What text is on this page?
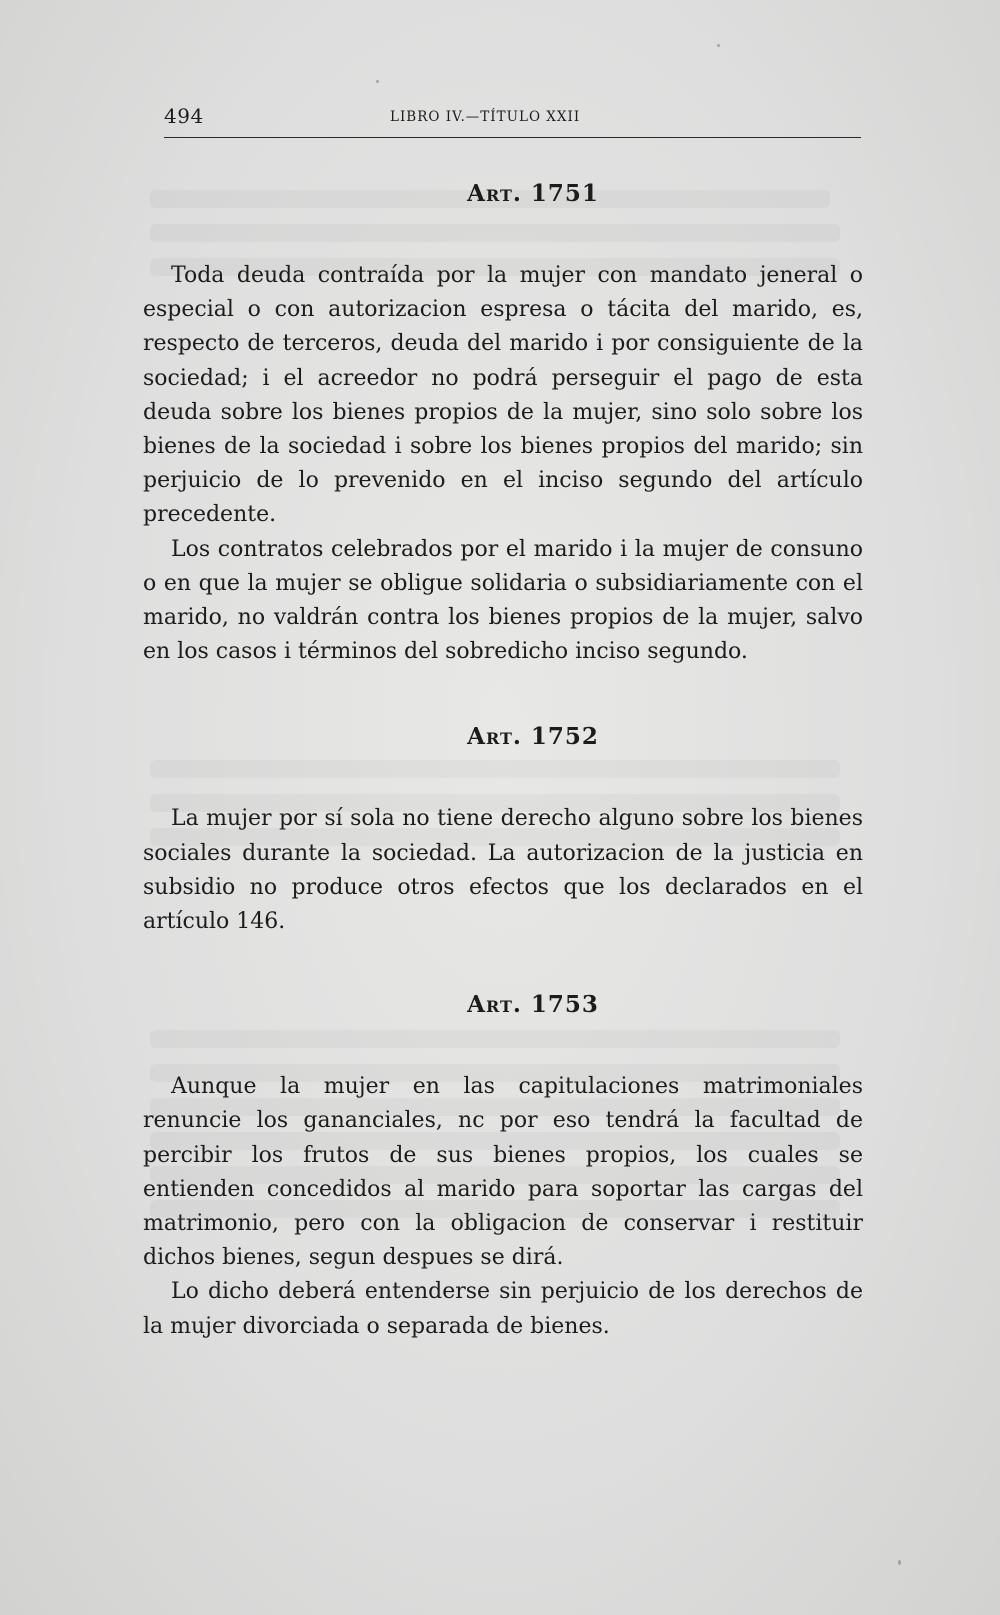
494	LIBRO IV.—TÍTULO XXII
Art. 1751

Toda deuda contraída por la mujer con mandato jeneral o especial o con autorizacion espresa o tácita del marido, es, respecto de terceros, deuda del marido i por consiguiente de la sociedad; i el acreedor no podrá perseguir el pago de esta deuda sobre los bienes propios de la mujer, sino solo sobre los bienes de la sociedad i sobre los bienes propios del marido; sin perjuicio de lo prevenido en el inciso segundo del artículo precedente.

Los contratos celebrados por el marido i la mujer de consuno o en que la mujer se obligue solidaria o subsidiariamente con el marido, no valdrán contra los bienes propios de la mujer, salvo en los casos i términos del sobredicho inciso segundo.

Art. 1752

La mujer por sí sola no tiene derecho alguno sobre los bienes sociales durante la sociedad. La autorizacion de la justicia en subsidio no produce otros efectos que los declarados en el artículo 146.

Art. 1753

Aunque la mujer en las capitulaciones matrimoniales renuncie los gananciales, nc por eso tendrá la facultad de percibir los frutos de sus bienes propios, los cuales se entienden concedidos al marido para soportar las cargas del matrimonio, pero con la obligacion de conservar i restituir dichos bienes, segun despues se dirá.

Lo dicho deberá entenderse sin perjuicio de los derechos de la mujer divorciada o separada de bienes.
